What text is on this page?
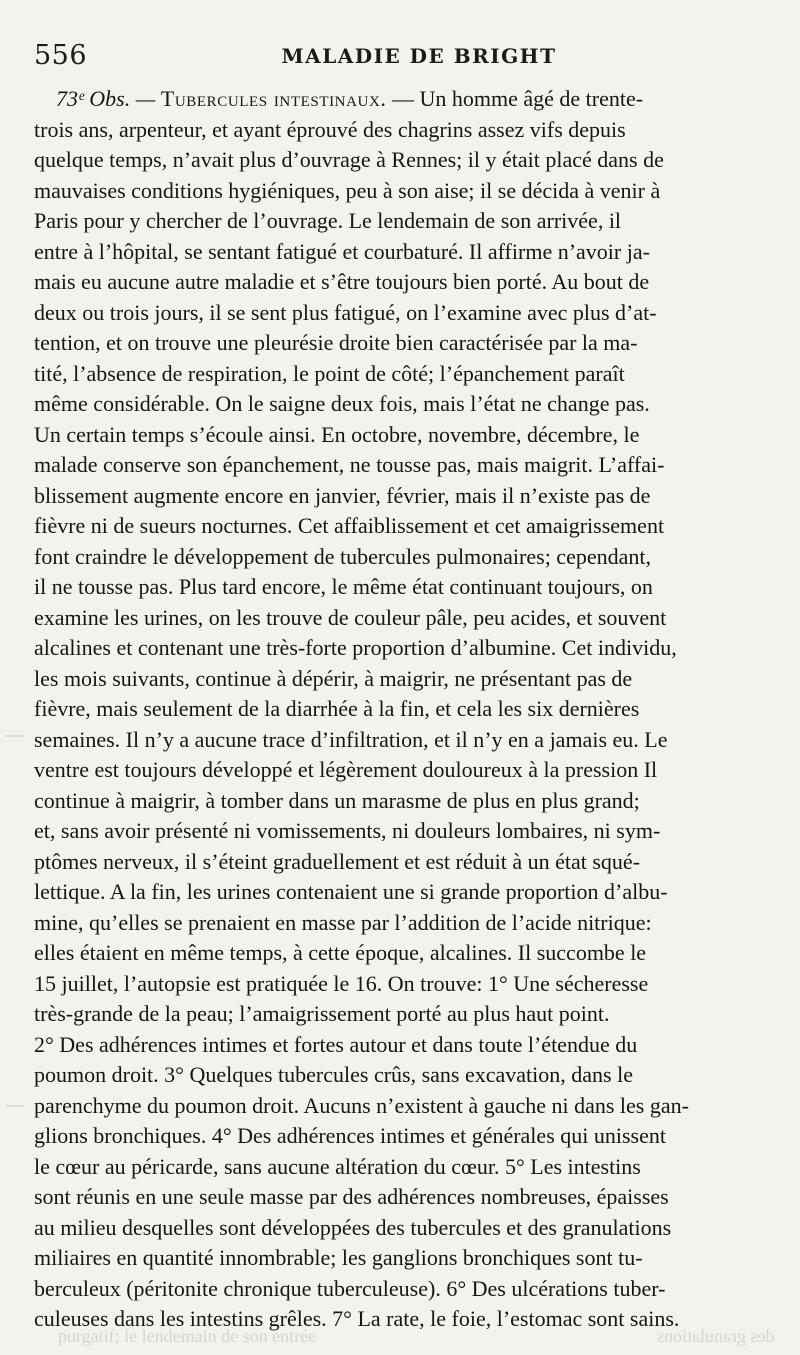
556	MALADIE DE BRIGHT
73ᵉ Obs. — Tubercules intestinaux. — Un homme âgé de trente-
trois ans, arpenteur, et ayant éprouvé des chagrins assez vifs depuis
quelque temps, n’avait plus d’ouvrage à Rennes; il y était placé dans de
mauvaises conditions hygiéniques, peu à son aise; il se décida à venir à
Paris pour y chercher de l’ouvrage. Le lendemain de son arrivée, il
entre à l’hôpital, se sentant fatigué et courbaturé. Il affirme n’avoir ja-
mais eu aucune autre maladie et s’être toujours bien porté. Au bout de
deux ou trois jours, il se sent plus fatigué, on l’examine avec plus d’at-
tention, et on trouve une pleurésie droite bien caractérisée par la ma-
tité, l’absence de respiration, le point de côté; l’épanchement paraît
même considérable. On le saigne deux fois, mais l’état ne change pas.
Un certain temps s’écoule ainsi. En octobre, novembre, décembre, le
malade conserve son épanchement, ne tousse pas, mais maigrit. L’affai-
blissement augmente encore en janvier, février, mais il n’existe pas de
fièvre ni de sueurs nocturnes. Cet affaiblissement et cet amaigrissement
font craindre le développement de tubercules pulmonaires; cependant,
il ne tousse pas. Plus tard encore, le même état continuant toujours, on
examine les urines, on les trouve de couleur pâle, peu acides, et souvent
alcalines et contenant une très-forte proportion d’albumine. Cet individu,
les mois suivants, continue à dépérir, à maigrir, ne présentant pas de
fièvre, mais seulement de la diarrhée à la fin, et cela les six dernières
semaines. Il n’y a aucune trace d’infiltration, et il n’y en a jamais eu. Le
ventre est toujours développé et légèrement douloureux à la pression Il
continue à maigrir, à tomber dans un marasme de plus en plus grand;
et, sans avoir présenté ni vomissements, ni douleurs lombaires, ni sym-
ptômes nerveux, il s’éteint graduellement et est réduit à un état squé-
lettique. A la fin, les urines contenaient une si grande proportion d’albu-
mine, qu’elles se prenaient en masse par l’addition de l’acide nitrique:
elles étaient en même temps, à cette époque, alcalines. Il succombe le
15 juillet, l’autopsie est pratiquée le 16. On trouve: 1° Une sécheresse
très-grande de la peau; l’amaigrissement porté au plus haut point.
2° Des adhérences intimes et fortes autour et dans toute l’étendue du
poumon droit. 3° Quelques tubercules crûs, sans excavation, dans le
parenchyme du poumon droit. Aucuns n’existent à gauche ni dans les gan-
glions bronchiques. 4° Des adhérences intimes et générales qui unissent
le cœur au péricarde, sans aucune altération du cœur. 5° Les intestins
sont réunis en une seule masse par des adhérences nombreuses, épaisses
au milieu desquelles sont développées des tubercules et des granulations
miliaires en quantité innombrable; les ganglions bronchiques sont tu-
berculeux (péritonite chronique tuberculeuse). 6° Des ulcérations tuber-
culeuses dans les intestins grêles. 7° La rate, le foie, l’estomac sont sains.
purgatif; le lendemain de son entrée	des granulations
